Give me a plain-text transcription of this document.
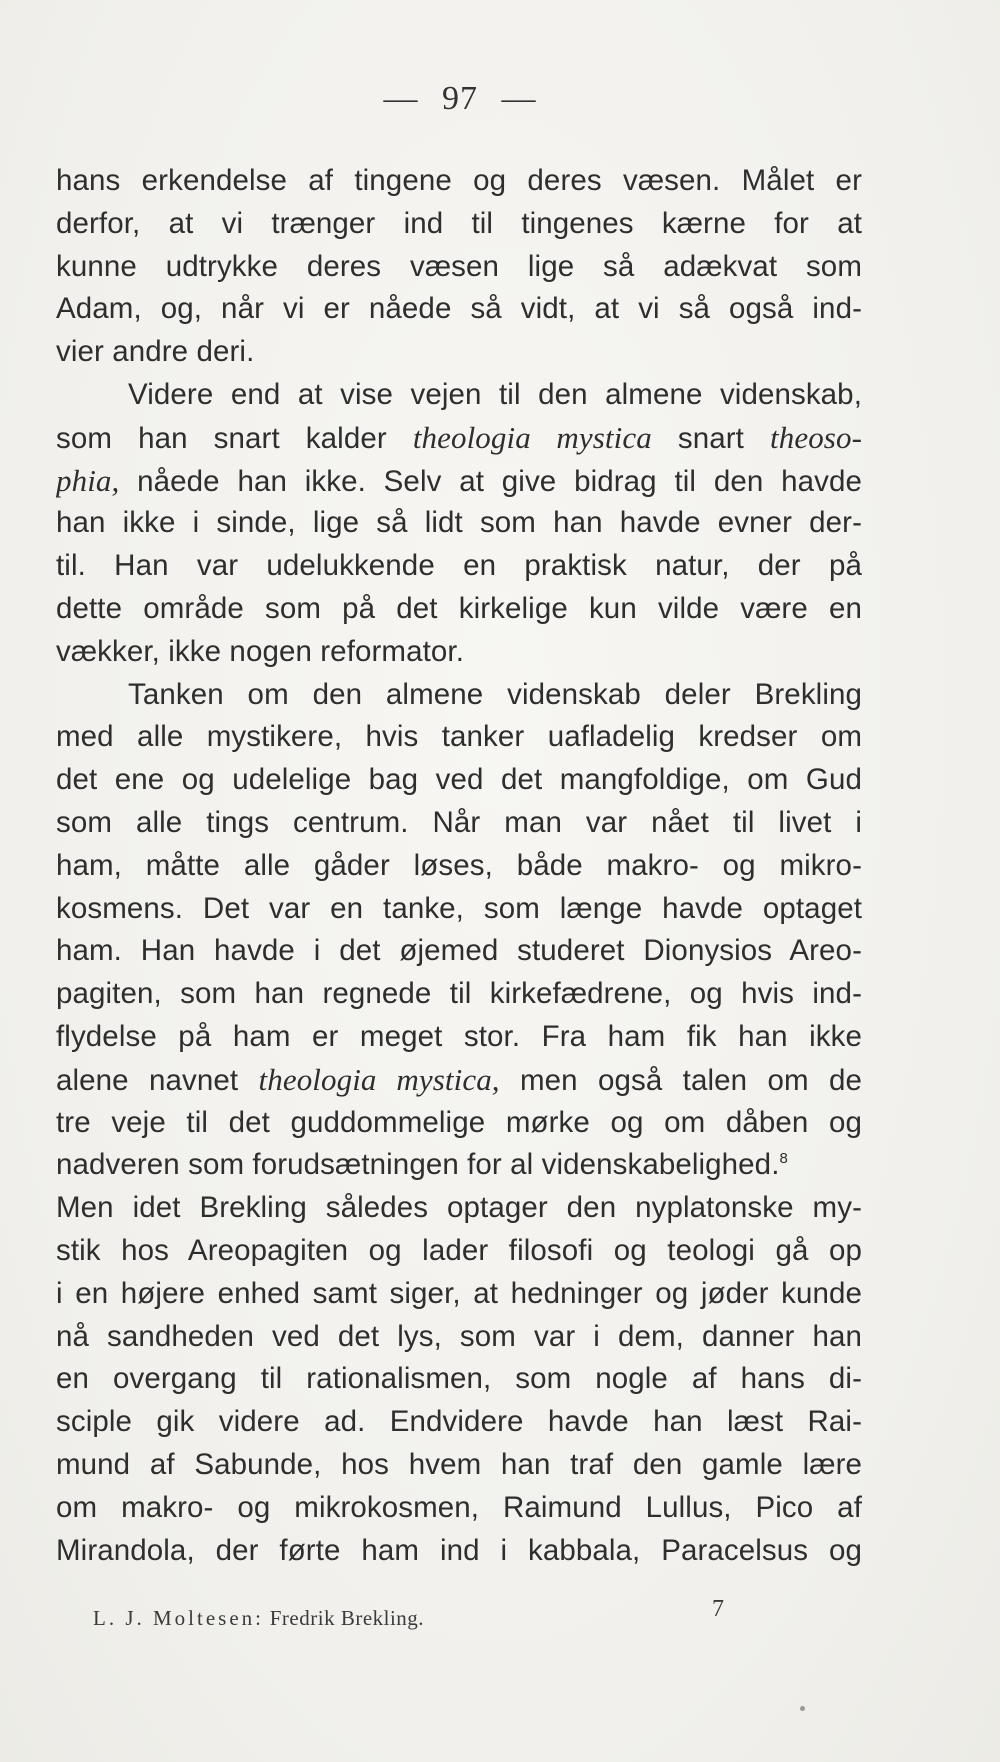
— 97 —
hans erkendelse af tingene og deres væsen. Målet er
derfor, at vi trænger ind til tingenes kærne for at
kunne udtrykke deres væsen lige så adækvat som
Adam, og, når vi er nåede så vidt, at vi så også ind-
vier andre deri.
Videre end at vise vejen til den almene videnskab,
som han snart kalder theologia mystica snart theoso-
phia, nåede han ikke. Selv at give bidrag til den havde
han ikke i sinde, lige så lidt som han havde evner der-
til. Han var udelukkende en praktisk natur, der på
dette område som på det kirkelige kun vilde være en
vækker, ikke nogen reformator.
Tanken om den almene videnskab deler Brekling
med alle mystikere, hvis tanker uafladelig kredser om
det ene og udelelige bag ved det mangfoldige, om Gud
som alle tings centrum. Når man var nået til livet i
ham, måtte alle gåder løses, både makro- og mikro-
kosmens. Det var en tanke, som længe havde optaget
ham. Han havde i det øjemed studeret Dionysios Areo-
pagiten, som han regnede til kirkefædrene, og hvis ind-
flydelse på ham er meget stor. Fra ham fik han ikke
alene navnet theologia mystica, men også talen om de
tre veje til det guddommelige mørke og om dåben og
nadveren som forudsætningen for al videnskabelighed.$^8$
Men idet Brekling således optager den nyplatonske my-
stik hos Areopagiten og lader filosofi og teologi gå op
i en højere enhed samt siger, at hedninger og jøder kunde
nå sandheden ved det lys, som var i dem, danner han
en overgang til rationalismen, som nogle af hans di-
sciple gik videre ad. Endvidere havde han læst Rai-
mund af Sabunde, hos hvem han traf den gamle lære
om makro- og mikrokosmen, Raimund Lullus, Pico af
Mirandola, der førte ham ind i kabbala, Paracelsus og
L. J. Moltesen: Fredrik Brekling.	7
